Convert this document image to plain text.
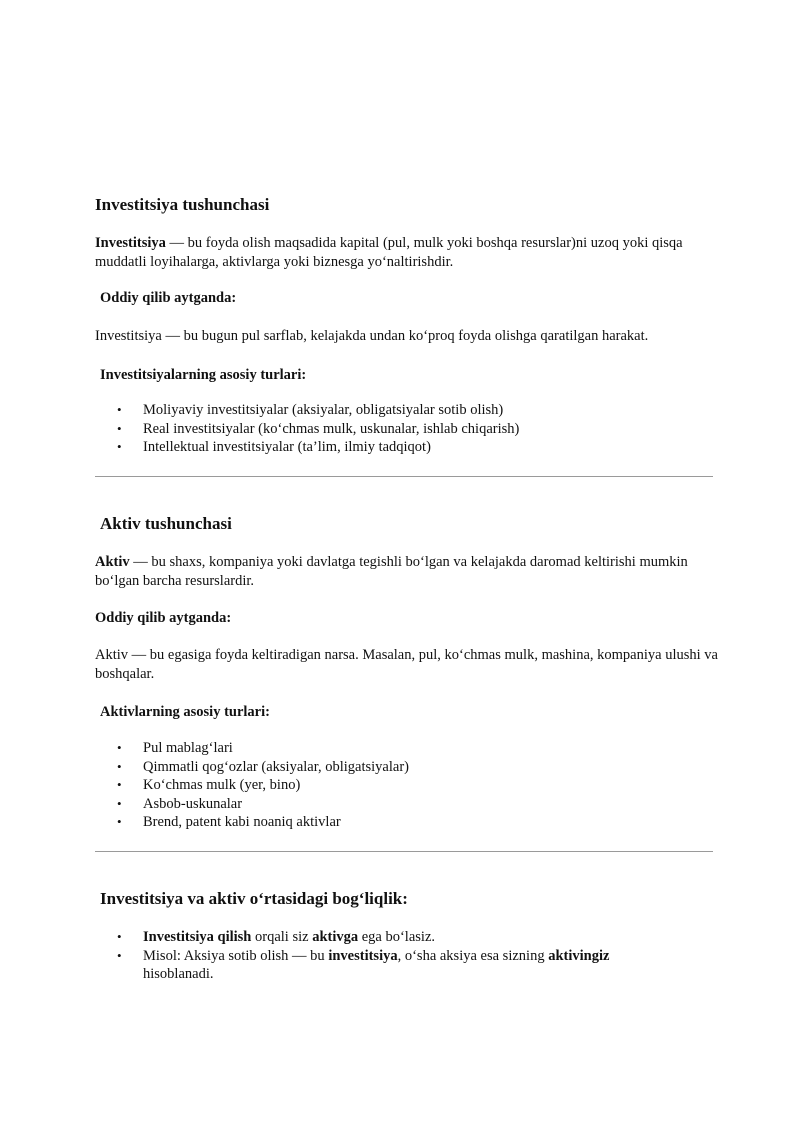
Investitsiya tushunchasi

Investitsiya — bu foyda olish maqsadida kapital (pul, mulk yoki boshqa resurslar)ni uzoq yoki qisqa muddatli loyihalarga, aktivlarga yoki biznesga yo‘naltirishdir.

Oddiy qilib aytganda:

Investitsiya — bu bugun pul sarflab, kelajakda undan ko‘proq foyda olishga qaratilgan harakat.

Investitsiyalarning asosiy turlari:

• Moliyaviy investitsiyalar (aksiyalar, obligatsiyalar sotib olish)
• Real investitsiyalar (ko‘chmas mulk, uskunalar, ishlab chiqarish)
• Intellektual investitsiyalar (ta’lim, ilmiy tadqiqot)
Aktiv tushunchasi

Aktiv — bu shaxs, kompaniya yoki davlatga tegishli bo‘lgan va kelajakda daromad keltirishi mumkin bo‘lgan barcha resurslardir.

Oddiy qilib aytganda:

Aktiv — bu egasiga foyda keltiradigan narsa. Masalan, pul, ko‘chmas mulk, mashina, kompaniya ulushi va boshqalar.

Aktivlarning asosiy turlari:

• Pul mablag‘lari
• Qimmatli qog‘ozlar (aksiyalar, obligatsiyalar)
• Ko‘chmas mulk (yer, bino)
• Asbob-uskunalar
• Brend, patent kabi noaniq aktivlar
Investitsiya va aktiv o‘rtasidagi bog‘liqlik:
• Investitsiya qilish orqali siz aktivga ega bo‘lasiz.
• Misol: Aksiya sotib olish — bu investitsiya, o‘sha aksiya esa sizning aktivingiz hisoblanadi.
